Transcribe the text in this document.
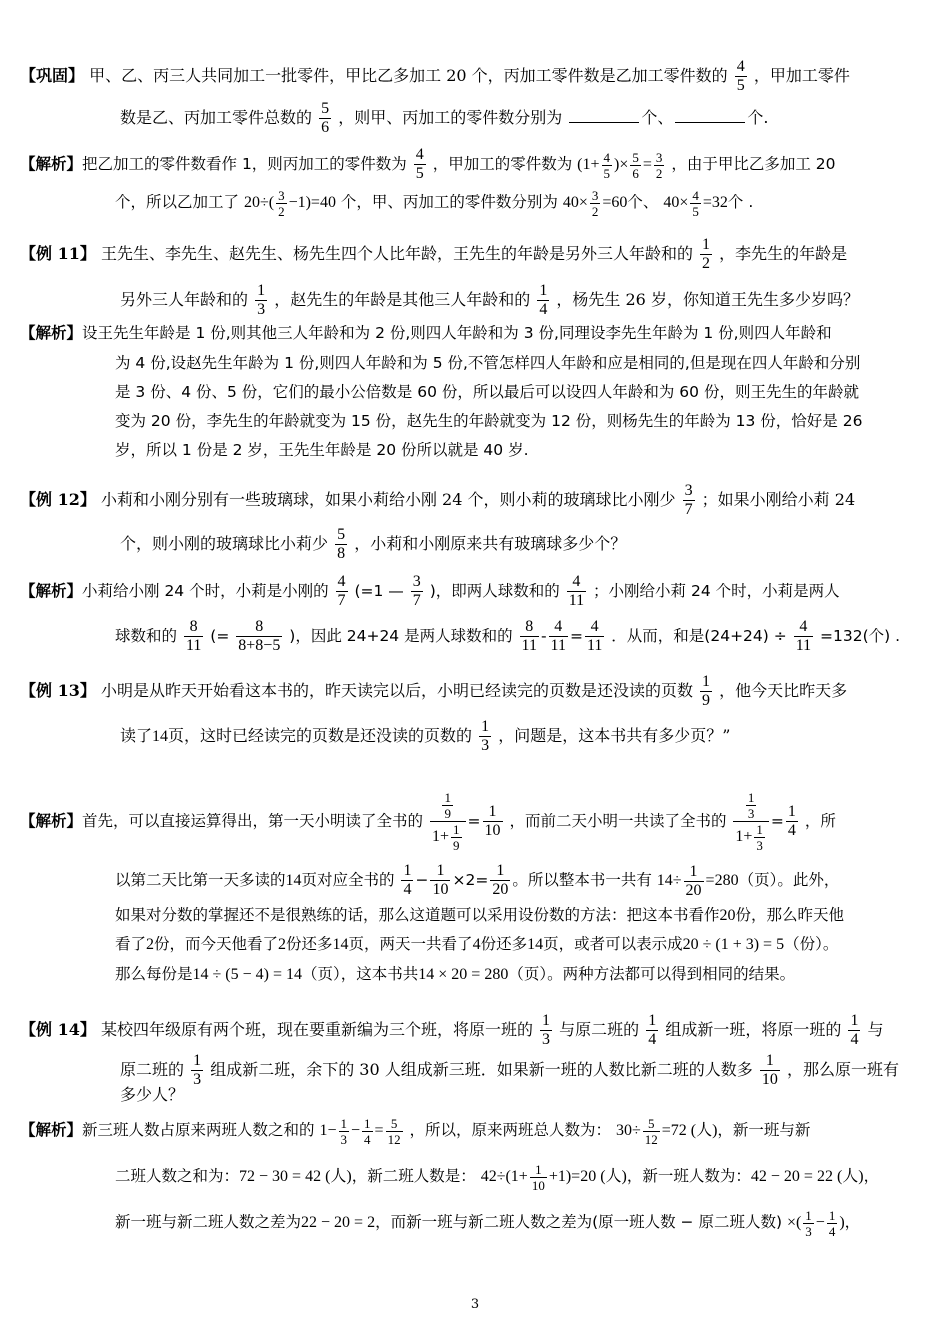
【巩固】 甲、乙、丙三人共同加工一批零件，甲比乙多加工 20 个，丙加工零件数是乙加工零件数的 $\frac{4}{5}$ ，甲加工零件
数是乙、丙加工零件总数的 $\frac{5}{6}$ ，则甲、丙加工的零件数分别为	个、	个.
【解析】把乙加工的零件数看作 1，则丙加工的零件数为 $\frac{4}{5}$ ，甲加工的零件数为 ($1+ \frac{4}{5}$ )× $\frac{5}{6} = \frac{3}{2}$ ，由于甲比乙多加工 20
个，所以乙加工了 $20\div( \frac{3}{2} -1)=40$ 个，甲、丙加工的零件数分别为 $40\times \frac{3}{2} =60$个、 $40\times \frac{4}{5} =32$个 .
【例 11】 王先生、李先生、赵先生、杨先生四个人比年龄，王先生的年龄是另外三人年龄和的 $\frac{1}{2}$ ，李先生的年龄是
另外三人年龄和的 $\frac{1}{3}$ ，赵先生的年龄是其他三人年龄和的 $\frac{1}{4}$ ，杨先生 26 岁，你知道王先生多少岁吗？
【解析】设王先生年龄是 1 份,则其他三人年龄和为 2 份,则四人年龄和为 3 份,同理设李先生年龄为 1 份,则四人年龄和
为 4 份,设赵先生年龄为 1 份,则四人年龄和为 5 份,不管怎样四人年龄和应是相同的,但是现在四人年龄和分别
是 3 份、4 份、5 份，它们的最小公倍数是 60 份，所以最后可以设四人年龄和为 60 份，则王先生的年龄就
变为 20 份，李先生的年龄就变为 15 份，赵先生的年龄就变为 12 份，则杨先生的年龄为 13 份，恰好是 26
岁，所以 1 份是 2 岁，王先生年龄是 20 份所以就是 40 岁.
【例 12】 小莉和小刚分别有一些玻璃球，如果小莉给小刚 24 个，则小莉的玻璃球比小刚少 $\frac{3}{7}$ ；如果小刚给小莉 24
个，则小刚的玻璃球比小莉少 $\frac{5}{8}$ ，小莉和小刚原来共有玻璃球多少个？
【解析】小莉给小刚 24 个时，小莉是小刚的 $\frac{4}{7} (=1$ — $\frac{3}{7}$ )，即两人球数和的 $\frac{4}{11}$ ；小刚给小莉 24 个时，小莉是两人
球数和的 $\frac{8}{11}$ (= $\frac{8}{8+8-5}$ )，因此 24+24 是两人球数和的 $\frac{8}{11} - \frac{4}{11} = \frac{4}{11}$ ．从而，和是$(24+24) \div \frac{4}{11} =132$(个) .
【例 13】 小明是从昨天开始看这本书的，昨天读完以后，小明已经读完的页数是还没读的页数 $\frac{1}{9}$ ，他今天比昨天多
读了14页，这时已经读完的页数是还没读的页数的 $\frac{1}{3}$ ，问题是，这本书共有多少页？”
【解析】首先，可以直接运算得出，第一天小明读了全书的 $\frac{\frac{1}{9}}{1+ \frac{1}{9}} = \frac{1}{10}$ ，而前二天小明一共读了全书的 $\frac{\frac{1}{3}}{1+ \frac{1}{3}} = \frac{1}{4}$ ，所
以第二天比第一天多读的14页对应全书的 $\frac{1}{4} - \frac{1}{10} \times 2= \frac{1}{20}$ 。所以整本书一共有 $14\div \frac{1}{20} =280$（页）。此外，
如果对分数的掌握还不是很熟练的话，那么这道题可以采用设份数的方法：把这本书看作20份，那么昨天他
看了2份，而今天他看了2份还多14页，两天一共看了4份还多14页，或者可以表示成20 ÷ (1 + 3) = 5（份）。
那么每份是14 ÷ (5 − 4) = 14（页），这本书共14 × 20 = 280（页）。两种方法都可以得到相同的结果。
【例 14】 某校四年级原有两个班，现在要重新编为三个班，将原一班的 $\frac{1}{3}$ 与原二班的 $\frac{1}{4}$ 组成新一班，将原一班的 $\frac{1}{4}$ 与
原二班的 $\frac{1}{3}$ 组成新二班，余下的 30 人组成新三班．如果新一班的人数比新二班的人数多 $\frac{1}{10}$ ，那么原一班有
多少人？
【解析】新三班人数占原来两班人数之和的 $1- \frac{1}{3} - \frac{1}{4} = \frac{5}{12}$ ，所以，原来两班总人数为： $30\div \frac{5}{12} =72$ (人)，新一班与新
二班人数之和为：72 − 30 = 42 (人)，新二班人数是： $42\div(1+ \frac{1}{10} +1)=20$ (人)，新一班人数为：42 − 20 = 22 (人)，
新一班与新二班人数之差为22 − 20 = 2，而新一班与新二班人数之差为(原一班人数 − 原二班人数) ×( $\frac{1}{3} - \frac{1}{4}$ )，
3
